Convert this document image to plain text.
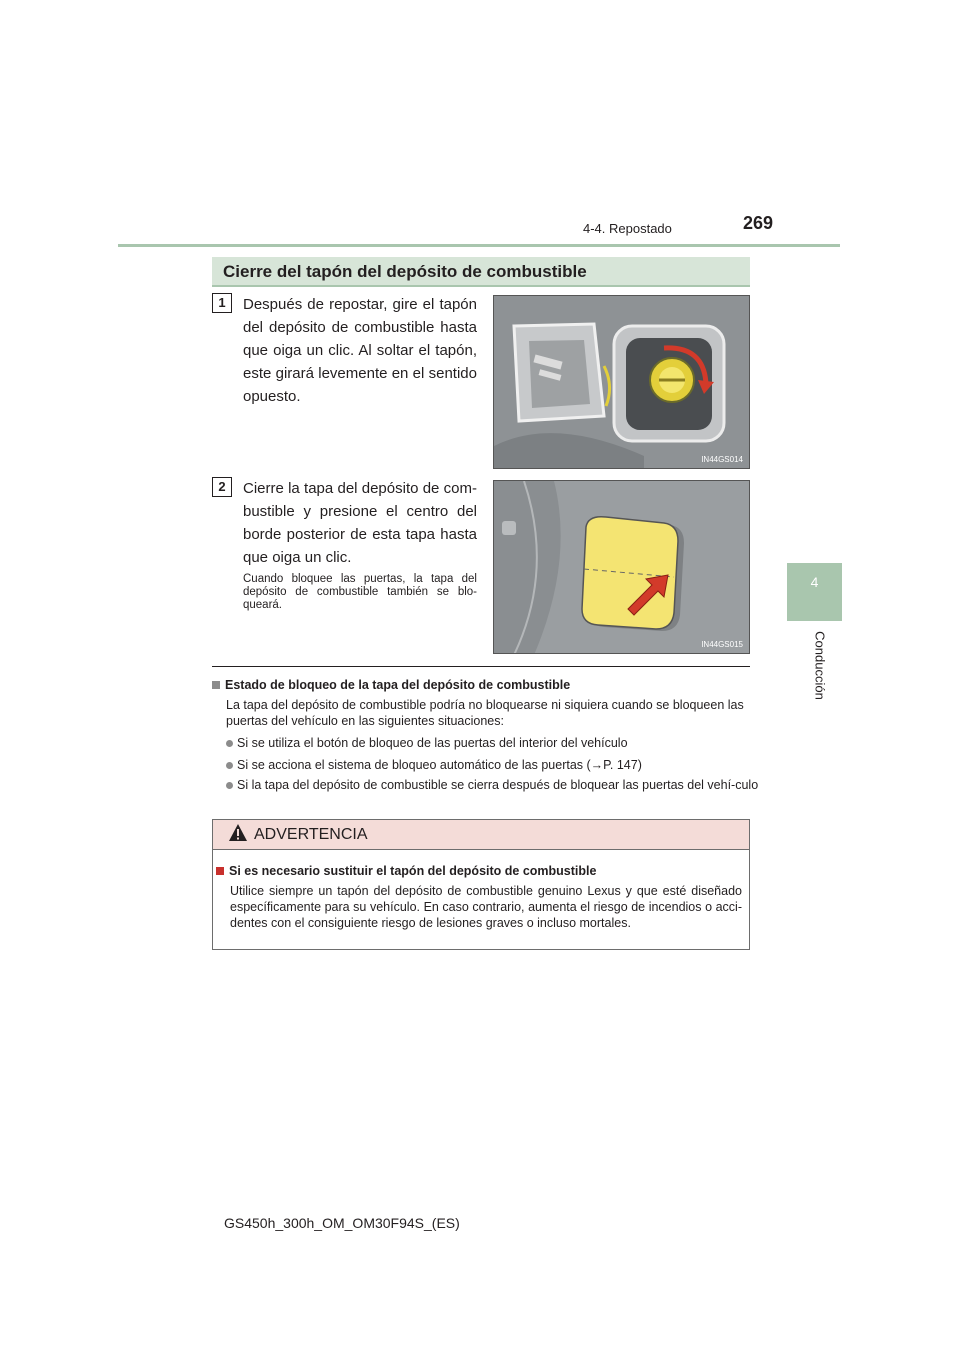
4-4. Repostado	269
4
Conducción
Cierre del tapón del depósito de combustible
1	Después de repostar, gire el tapón del depósito de combustible hasta que oiga un clic. Al soltar el tapón, este girará levemente en el sentido opuesto.
IN44GS014
2	Cierre la tapa del depósito de com-bustible y presione el centro del borde posterior de esta tapa hasta que oiga un clic.
Cuando bloquee las puertas, la tapa del depósito de combustible también se blo-queará.
IN44GS015
Estado de bloqueo de la tapa del depósito de combustible
La tapa del depósito de combustible podría no bloquearse ni siquiera cuando se bloqueen las puertas del vehículo en las siguientes situaciones:
Si se utiliza el botón de bloqueo de las puertas del interior del vehículo
Si se acciona el sistema de bloqueo automático de las puertas (→P. 147)
Si la tapa del depósito de combustible se cierra después de bloquear las puertas del vehí-culo
ADVERTENCIA
Si es necesario sustituir el tapón del depósito de combustible
Utilice siempre un tapón del depósito de combustible genuino Lexus y que esté diseñado específicamente para su vehículo. En caso contrario, aumenta el riesgo de incendios o acci-dentes con el consiguiente riesgo de lesiones graves o incluso mortales.
GS450h_300h_OM_OM30F94S_(ES)
